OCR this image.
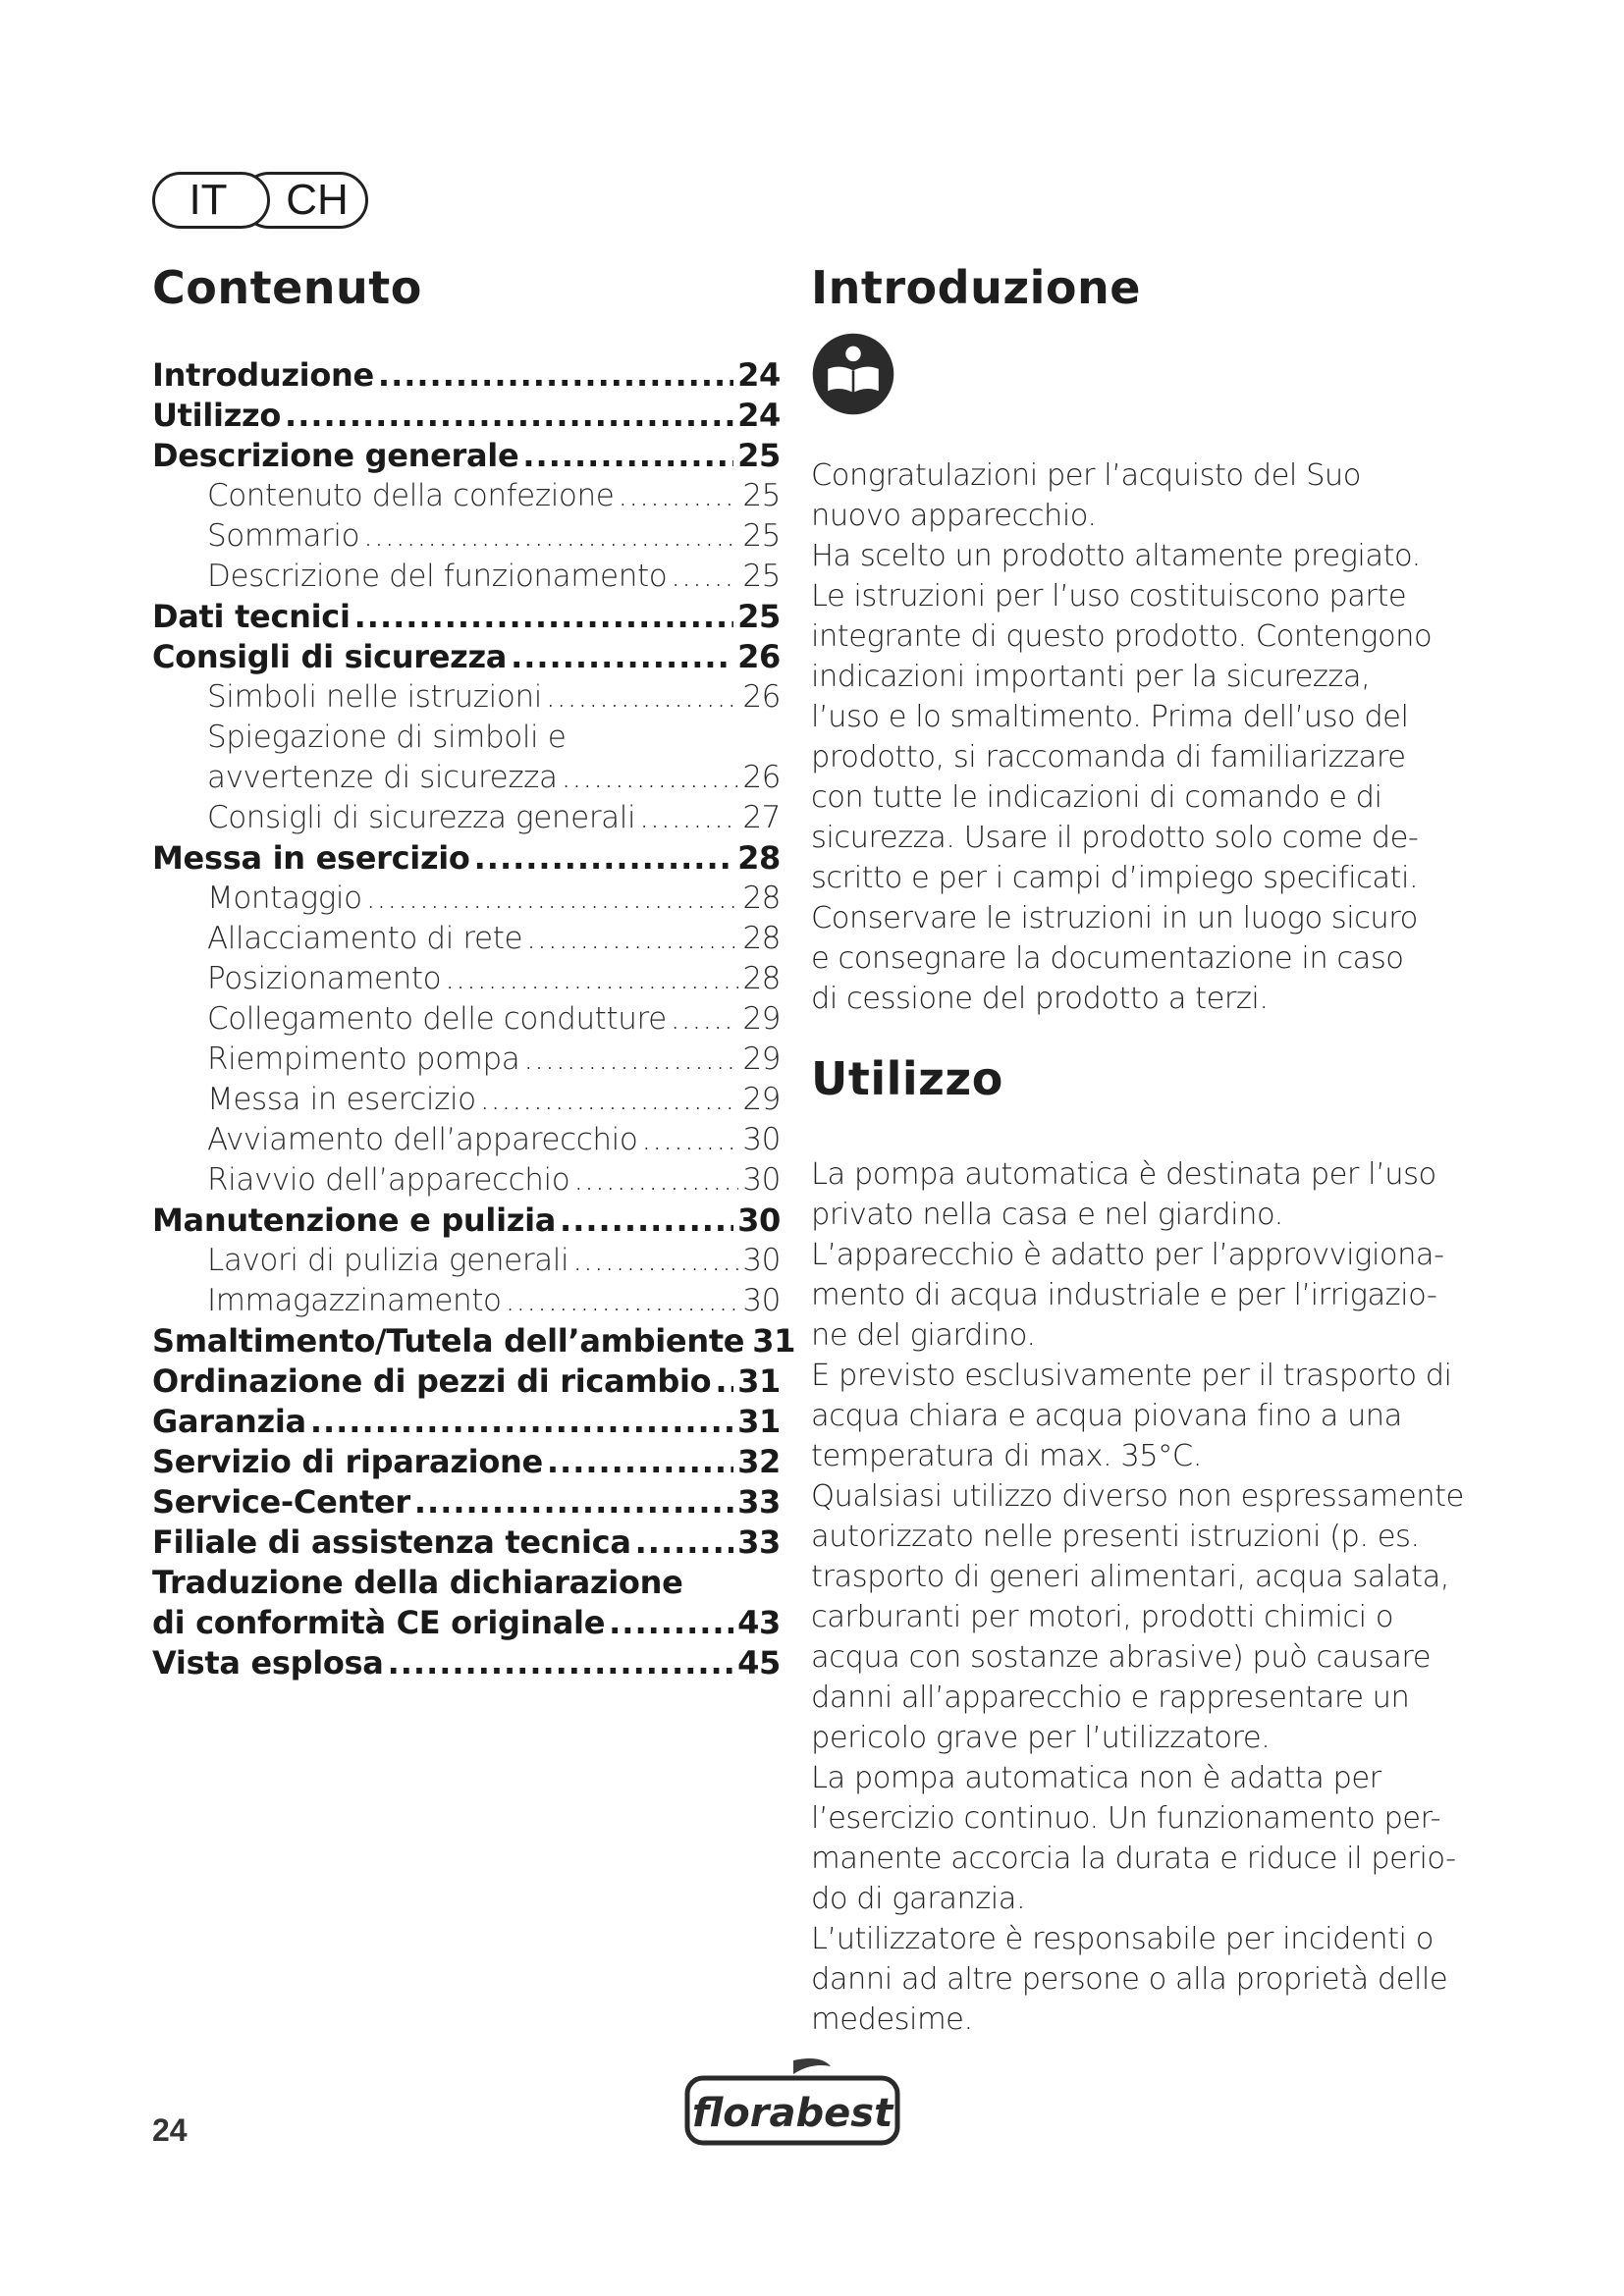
IT	CH
Contenuto
Introduzione .....	24
Utilizzo .....	24
Descrizione generale .....	25
Contenuto della confezione .....	25
Sommario .....	25
Descrizione del funzionamento ..... 25
Dati tecnici .....	25
Consigli di sicurezza .....	26
Simboli nelle istruzioni .....	26
Spiegazione di simboli e
avvertenze di sicurezza .....	26
Consigli di sicurezza generali .....	27
Messa in esercizio .....	28
Montaggio .....	28
Allacciamento di rete .....	28
Posizionamento .....	28
Collegamento delle condutture .....	29
Riempimento pompa .....	29
Messa in esercizio .....	29
Avviamento dell’apparecchio .....	30
Riavvio dell’apparecchio .....	30
Manutenzione e pulizia .....	30
Lavori di pulizia generali .....	30
Immagazzinamento .....	30
Smaltimento/Tutela dell’ambiente 31
Ordinazione di pezzi di ricambio ..... 31
Garanzia .....	31
Servizio di riparazione .....	32
Service-Center .....	33
Filiale di assistenza tecnica .....	33
Traduzione della dichiarazione
di conformità CE originale .....	43
Vista esplosa .....	45
Introduzione
Congratulazioni per l’acquisto del Suo
nuovo apparecchio.
Ha scelto un prodotto altamente pregiato.
Le istruzioni per l’uso costituiscono parte
integrante di questo prodotto. Contengono
indicazioni importanti per la sicurezza,
l’uso e lo smaltimento. Prima dell’uso del
prodotto, si raccomanda di familiarizzare
con tutte le indicazioni di comando e di
sicurezza. Usare il prodotto solo come de-
scritto e per i campi d’impiego specificati.
Conservare le istruzioni in un luogo sicuro
e consegnare la documentazione in caso
di cessione del prodotto a terzi.
Utilizzo
La pompa automatica è destinata per l’uso
privato nella casa e nel giardino.
L’apparecchio è adatto per l’approvvigiona-
mento di acqua industriale e per l’irrigazio-
ne del giardino.
E previsto esclusivamente per il trasporto di
acqua chiara e acqua piovana fino a una
temperatura di max. 35°C.
Qualsiasi utilizzo diverso non espressamente
autorizzato nelle presenti istruzioni (p. es.
trasporto di generi alimentari, acqua salata,
carburanti per motori, prodotti chimici o
acqua con sostanze abrasive) può causare
danni all’apparecchio e rappresentare un
pericolo grave per l’utilizzatore.
La pompa automatica non è adatta per
l’esercizio continuo. Un funzionamento per-
manente accorcia la durata e riduce il perio-
do di garanzia.
L’utilizzatore è responsabile per incidenti o
danni ad altre persone o alla proprietà delle
medesime.
24	florabest
